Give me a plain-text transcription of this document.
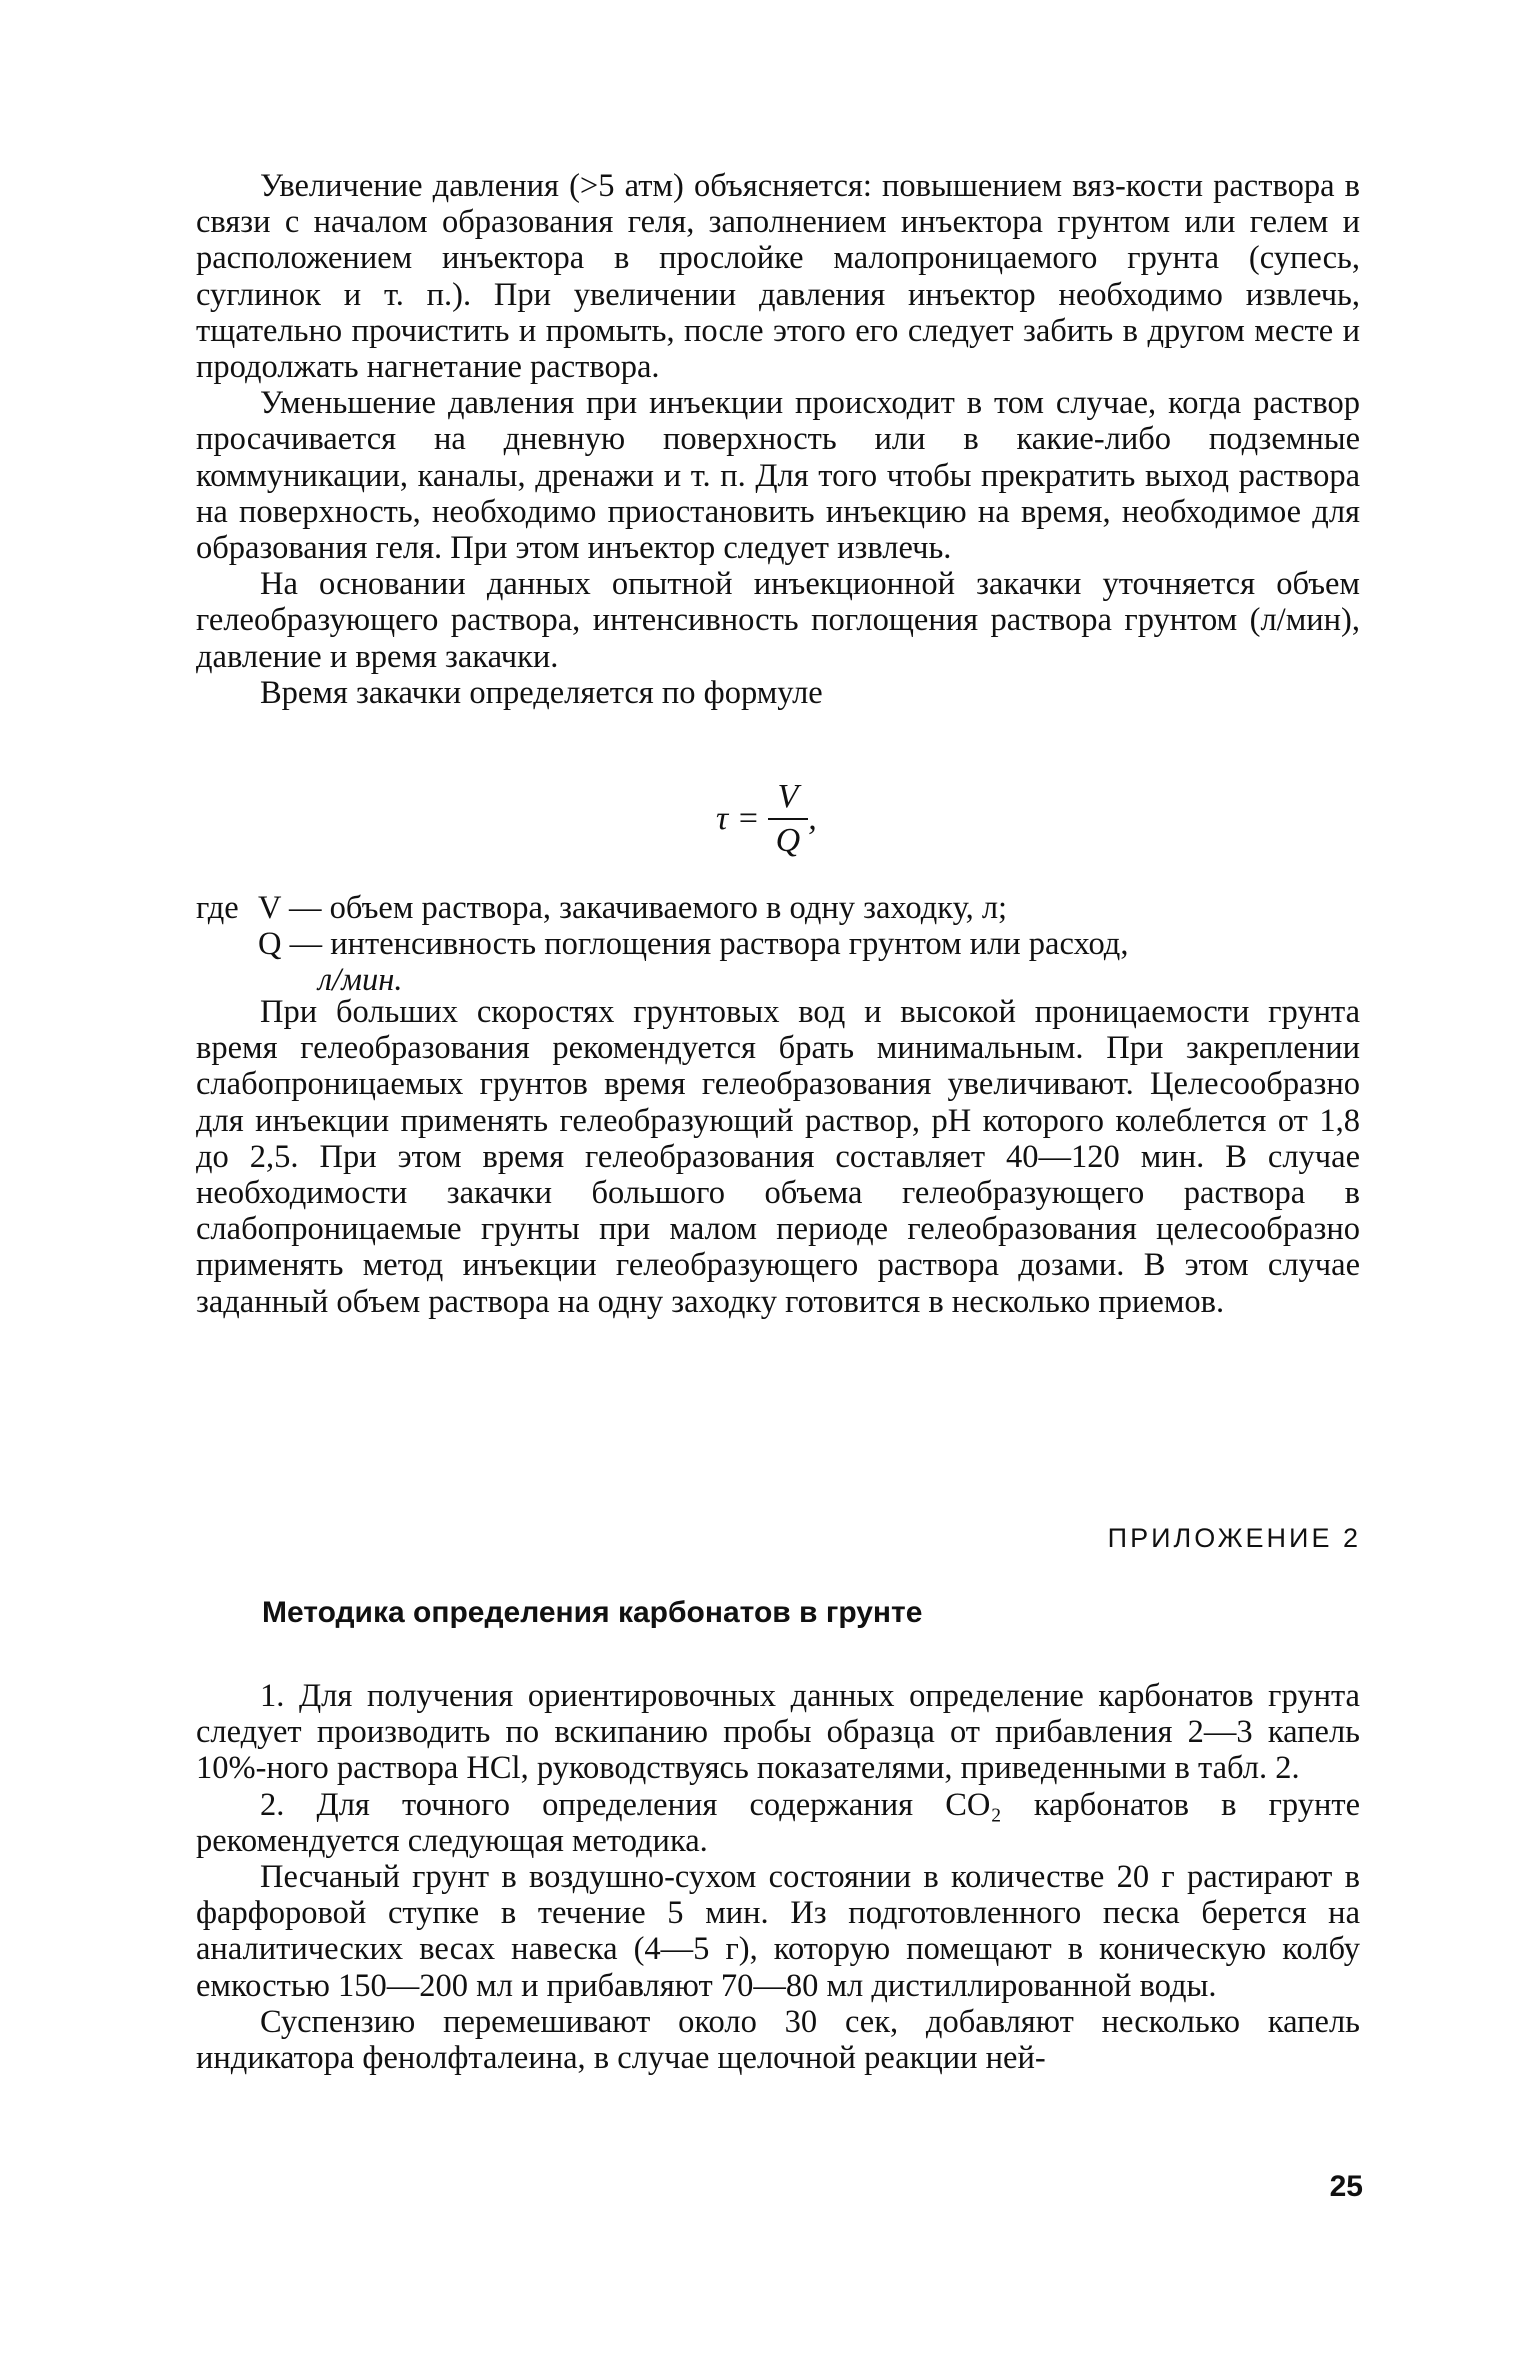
Увеличение давления (>5 атм) объясняется: повышением вяз-кости раствора в связи с началом образования геля, заполнением инъектора грунтом или гелем и расположением инъектора в прослойке малопроницаемого грунта (супесь, суглинок и т. п.). При увеличении давления инъектор необходимо извлечь, тщательно прочистить и промыть, после этого его следует забить в другом месте и продолжать нагнетание раствора.

Уменьшение давления при инъекции происходит в том случае, когда раствор просачивается на дневную поверхность или в какие-либо подземные коммуникации, каналы, дренажи и т. п. Для того чтобы прекратить выход раствора на поверхность, необходимо приостановить инъекцию на время, необходимое для образования геля. При этом инъектор следует извлечь.

На основании данных опытной инъекционной закачки уточняется объем гелеобразующего раствора, интенсивность поглощения раствора грунтом (л/мин), давление и время закачки.

Время закачки определяется по формуле

$\tau = \frac{V}{Q}$ ,
где V — объем раствора, закачиваемого в одну заходку, л;
Q — интенсивность поглощения раствора грунтом или расход,
л/мин.

При больших скоростях грунтовых вод и высокой проницаемости грунта время гелеобразования рекомендуется брать минимальным. При закреплении слабопроницаемых грунтов время гелеобразования увеличивают. Целесообразно для инъекции применять гелеобразующий раствор, pH которого колеблется от 1,8 до 2,5. При этом время гелеобразования составляет 40—120 мин. В случае необходимости закачки большого объема гелеобразующего раствора в слабопроницаемые грунты при малом периоде гелеобразования целесообразно применять метод инъекции гелеобразующего раствора дозами. В этом случае заданный объем раствора на одну заходку готовится в несколько приемов.

ПРИЛОЖЕНИЕ 2
Методика определения карбонатов в грунте

1. Для получения ориентировочных данных определение карбонатов грунта следует производить по вскипанию пробы образца от прибавления 2—3 капель 10%-ного раствора HCl, руководствуясь показателями, приведенными в табл. 2.

2. Для точного определения содержания CO₂ карбонатов в грунте рекомендуется следующая методика.

Песчаный грунт в воздушно-сухом состоянии в количестве 20 г растирают в фарфоровой ступке в течение 5 мин. Из подготовленного песка берется на аналитических весах навеска (4—5 г), которую помещают в коническую колбу емкостью 150—200 мл и прибавляют 70—80 мл дистиллированной воды.

Суспензию перемешивают около 30 сек, добавляют несколько капель индикатора фенолфталеина, в случае щелочной реакции ней-

25
